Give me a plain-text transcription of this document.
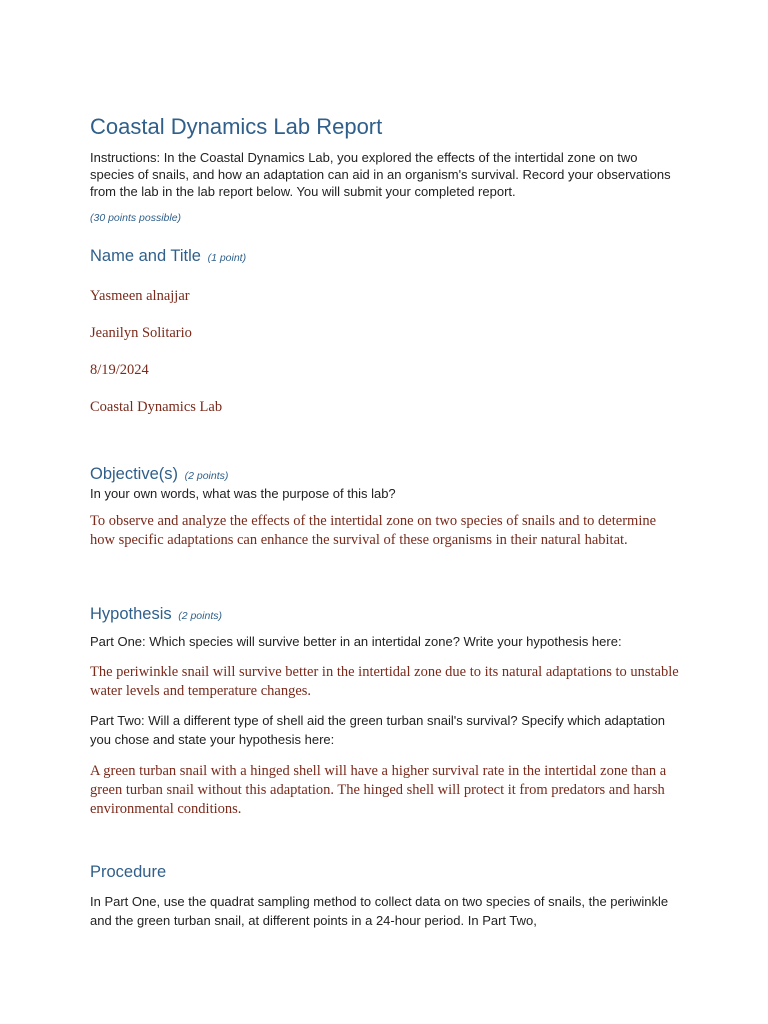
Coastal Dynamics Lab Report
Instructions: In the Coastal Dynamics Lab, you explored the effects of the intertidal zone on two species of snails, and how an adaptation can aid in an organism's survival. Record your observations from the lab in the lab report below. You will submit your completed report.
(30 points possible)
Name and Title (1 point)
Yasmeen alnajjar
Jeanilyn Solitario
8/19/2024
Coastal Dynamics Lab
Objective(s) (2 points)
In your own words, what was the purpose of this lab?
To observe and analyze the effects of the intertidal zone on two species of snails and to determine how specific adaptations can enhance the survival of these organisms in their natural habitat.
Hypothesis (2 points)
Part One: Which species will survive better in an intertidal zone? Write your hypothesis here:
The periwinkle snail will survive better in the intertidal zone due to its natural adaptations to unstable water levels and temperature changes.
Part Two: Will a different type of shell aid the green turban snail's survival? Specify which adaptation you chose and state your hypothesis here:
A green turban snail with a hinged shell will have a higher survival rate in the intertidal zone than a green turban snail without this adaptation. The hinged shell will protect it from predators and harsh environmental conditions.
Procedure
In Part One, use the quadrat sampling method to collect data on two species of snails, the periwinkle and the green turban snail, at different points in a 24-hour period. In Part Two,
